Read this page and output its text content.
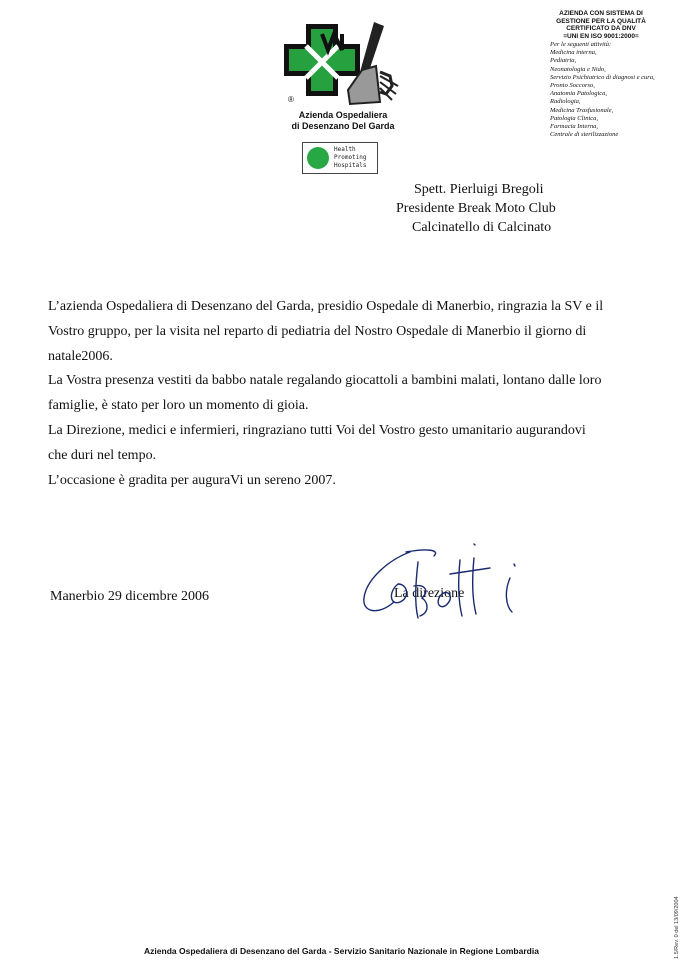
®
Azienda Ospedaliera
di Desenzano Del Garda
Health
Promoting
Hospitals
AZIENDA CON SISTEMA DI
GESTIONE PER LA QUALITÀ
CERTIFICATO DA DNV
=UNI EN ISO 9001:2000=
Per le seguenti attività:
Medicina interna,
Pediatria,
Neonatologia e Nido,
Servizio Psichiatrico di diagnosi e cura,
Pronto Soccorso,
Anatomia Patologica,
Radiologia,
Medicina Trasfusionale,
Patologia Clinica,
Farmacia Interna,
Centrale di sterilizzazione
Spett. Pierluigi Bregoli
Presidente Break Moto Club
Calcinatello di Calcinato

L’azienda Ospedaliera di Desenzano del Garda, presidio Ospedale di Manerbio, ringrazia la SV e il

Vostro gruppo, per la visita nel reparto di pediatria del Nostro Ospedale di Manerbio il giorno di

natale2006.

La Vostra presenza vestiti da babbo natale regalando giocattoli a bambini malati, lontano dalle loro

famiglie, è stato per loro un momento di gioia.

La Direzione, medici e infermieri, ringraziano tutti Voi del Vostro gesto umanitario augurandovi

che duri nel tempo.

L’occasione è gradita per auguraVi un sereno 2007.

Manerbio 29 dicembre 2006	La direzione
Azienda Ospedaliera di Desenzano del Garda - Servizio Sanitario Nazionale in Regione Lombardia	1.5/Rev. 0 del 13/09/2004
